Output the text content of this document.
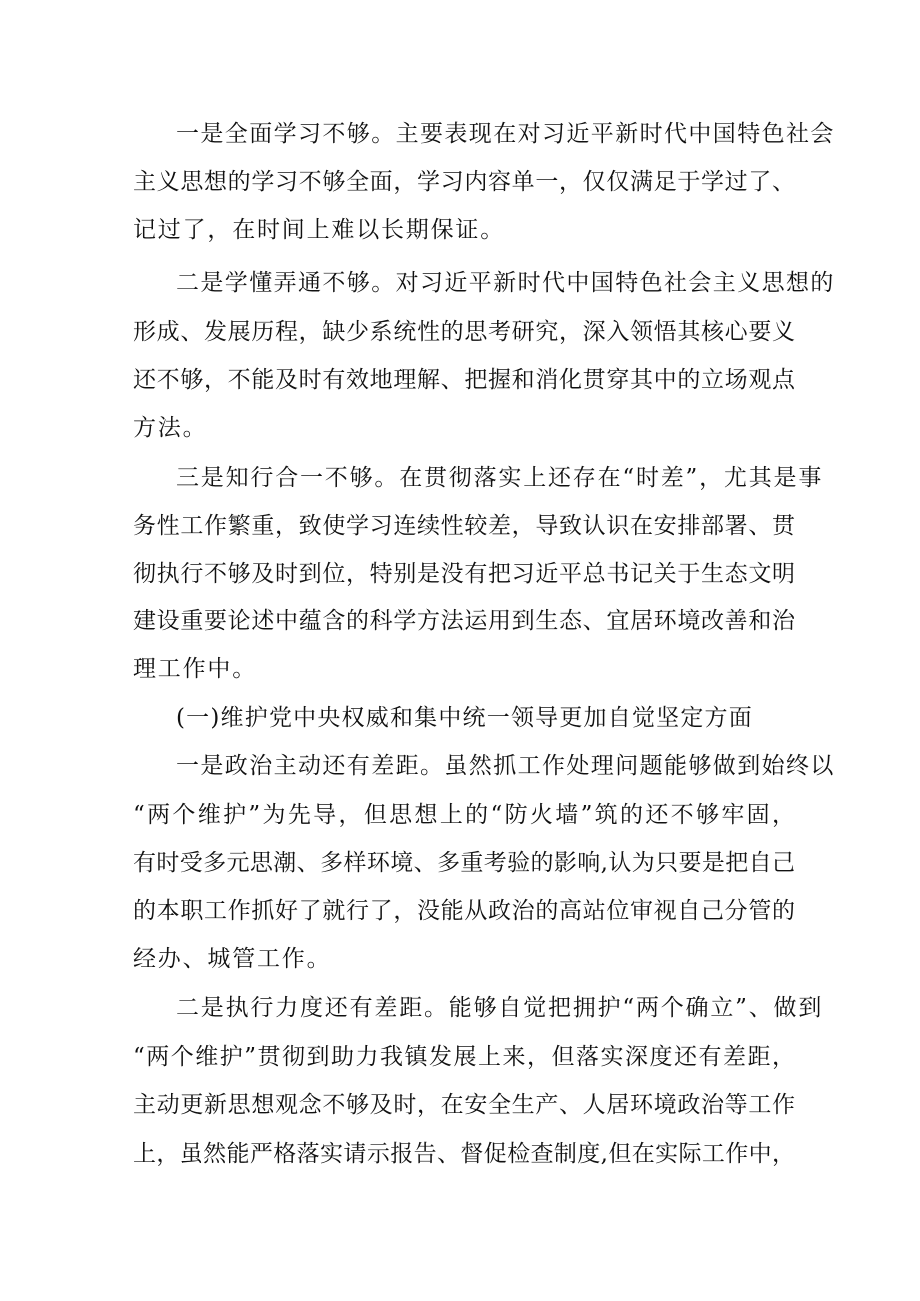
一是全面学习不够。主要表现在对习近平新时代中国特色社会

主义思想的学习不够全面，学习内容单一，仅仅满足于学过了、

记过了，在时间上难以长期保证。

二是学懂弄通不够。对习近平新时代中国特色社会主义思想的

形成、发展历程，缺少系统性的思考研究，深入领悟其核心要义

还不够，不能及时有效地理解、把握和消化贯穿其中的立场观点

方法。

三是知行合一不够。在贯彻落实上还存在“时差”，尤其是事

务性工作繁重，致使学习连续性较差，导致认识在安排部署、贯

彻执行不够及时到位，特别是没有把习近平总书记关于生态文明

建设重要论述中蕴含的科学方法运用到生态、宜居环境改善和治

理工作中。

(一)维护党中央权威和集中统一领导更加自觉坚定方面

一是政治主动还有差距。虽然抓工作处理问题能够做到始终以

“两个维护”为先导，但思想上的“防火墙”筑的还不够牢固，

有时受多元思潮、多样环境、多重考验的影响,认为只要是把自己

的本职工作抓好了就行了，没能从政治的高站位审视自己分管的

经办、城管工作。

二是执行力度还有差距。能够自觉把拥护“两个确立”、做到

“两个维护”贯彻到助力我镇发展上来，但落实深度还有差距，

主动更新思想观念不够及时，在安全生产、人居环境政治等工作

上，虽然能严格落实请示报告、督促检查制度,但在实际工作中，
